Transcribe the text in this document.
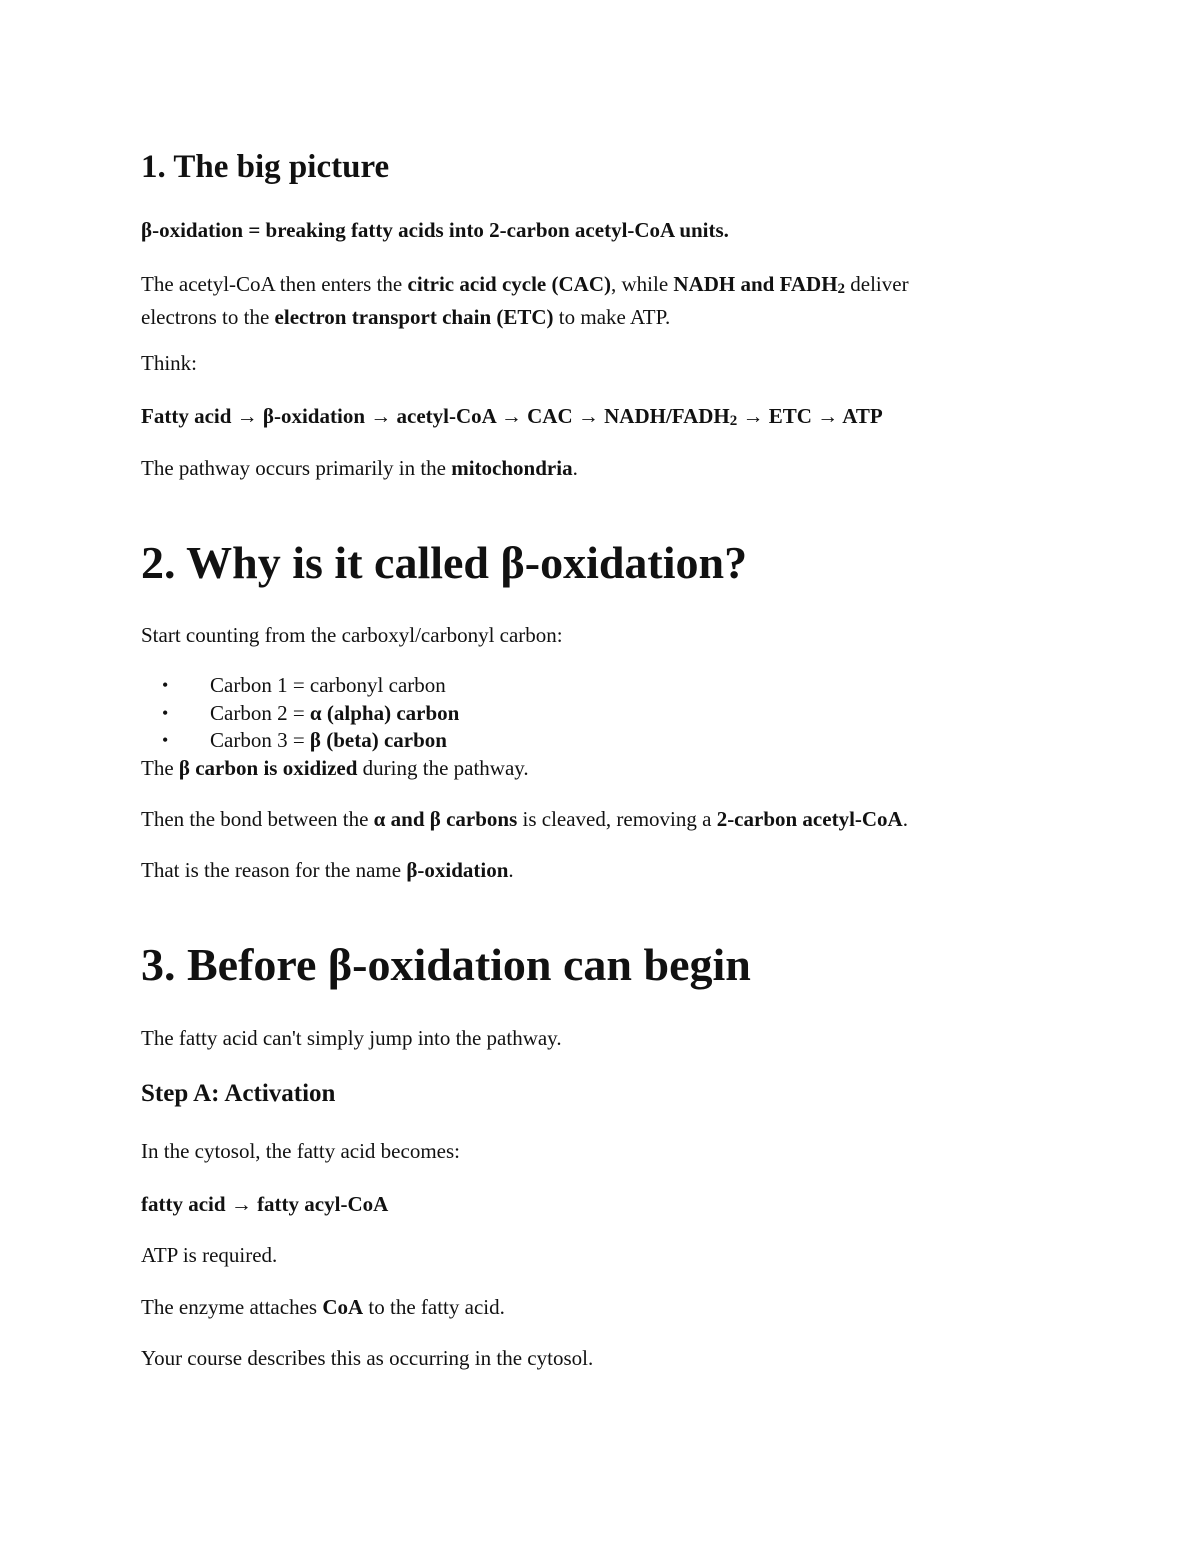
1. The big picture

β-oxidation = breaking fatty acids into 2-carbon acetyl-CoA units.

The acetyl-CoA then enters the citric acid cycle (CAC), while NADH and FADH2 deliver
electrons to the electron transport chain (ETC) to make ATP.

Think:

Fatty acid → β-oxidation → acetyl-CoA → CAC → NADH/FADH2 → ETC → ATP

The pathway occurs primarily in the mitochondria.

2. Why is it called β-oxidation?

Start counting from the carboxyl/carbonyl carbon:

• Carbon 1 = carbonyl carbon
• Carbon 2 = α (alpha) carbon
• Carbon 3 = β (beta) carbon

The β carbon is oxidized during the pathway.

Then the bond between the α and β carbons is cleaved, removing a 2-carbon acetyl-CoA.

That is the reason for the name β-oxidation.

3. Before β-oxidation can begin

The fatty acid can't simply jump into the pathway.

Step A: Activation

In the cytosol, the fatty acid becomes:

fatty acid → fatty acyl-CoA

ATP is required.

The enzyme attaches CoA to the fatty acid.

Your course describes this as occurring in the cytosol.
